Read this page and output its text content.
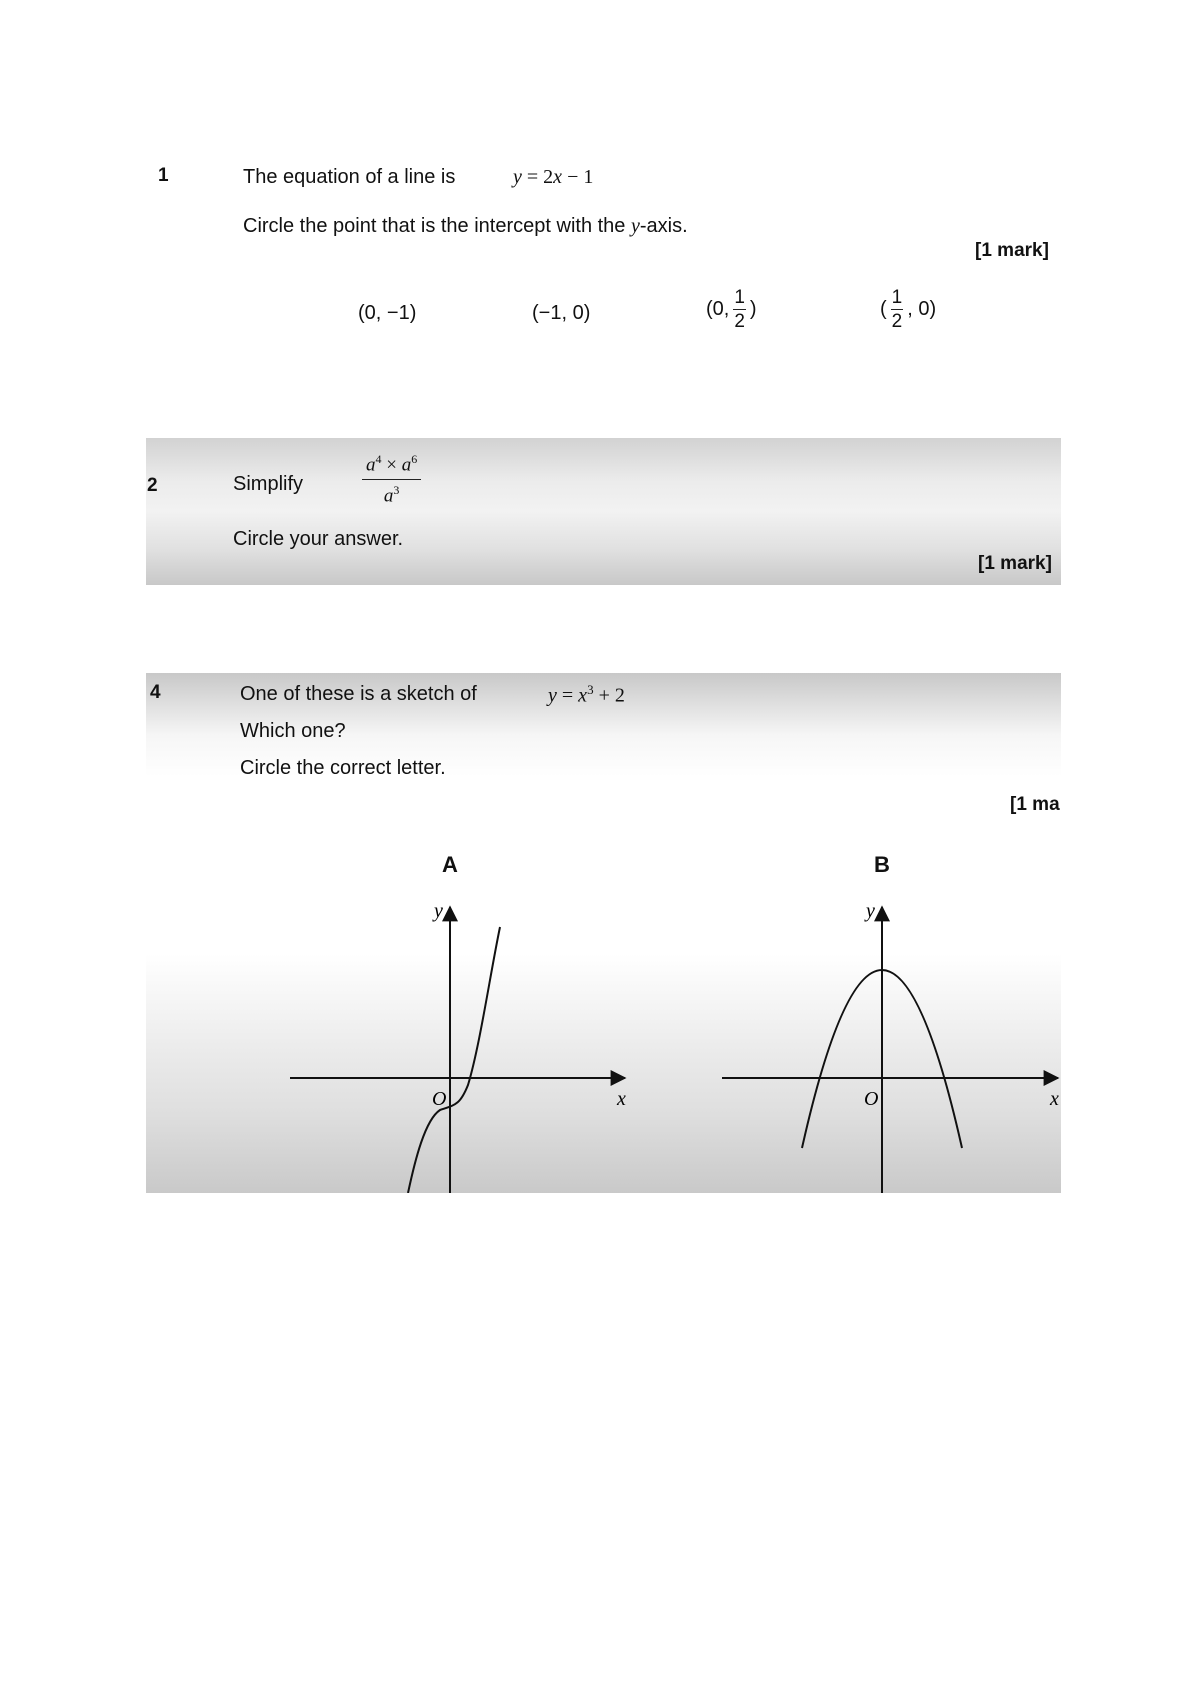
1	The equation of a line is	y = 2x − 1
Circle the point that is the intercept with the y-axis.
[1 mark]
(0, −1)	(−1, 0)	(0, $\frac{1}{2}$ )	( $\frac{1}{2}$ , 0)
2	Simplify	$\frac{a^4 \times a^6}{a^3}$
Circle your answer.
[1 mark]
4	One of these is a sketch of	$y = x^3 + 2$
Which one?
Circle the correct letter.
[1 ma
A
y
x
O
B
y
x
O
